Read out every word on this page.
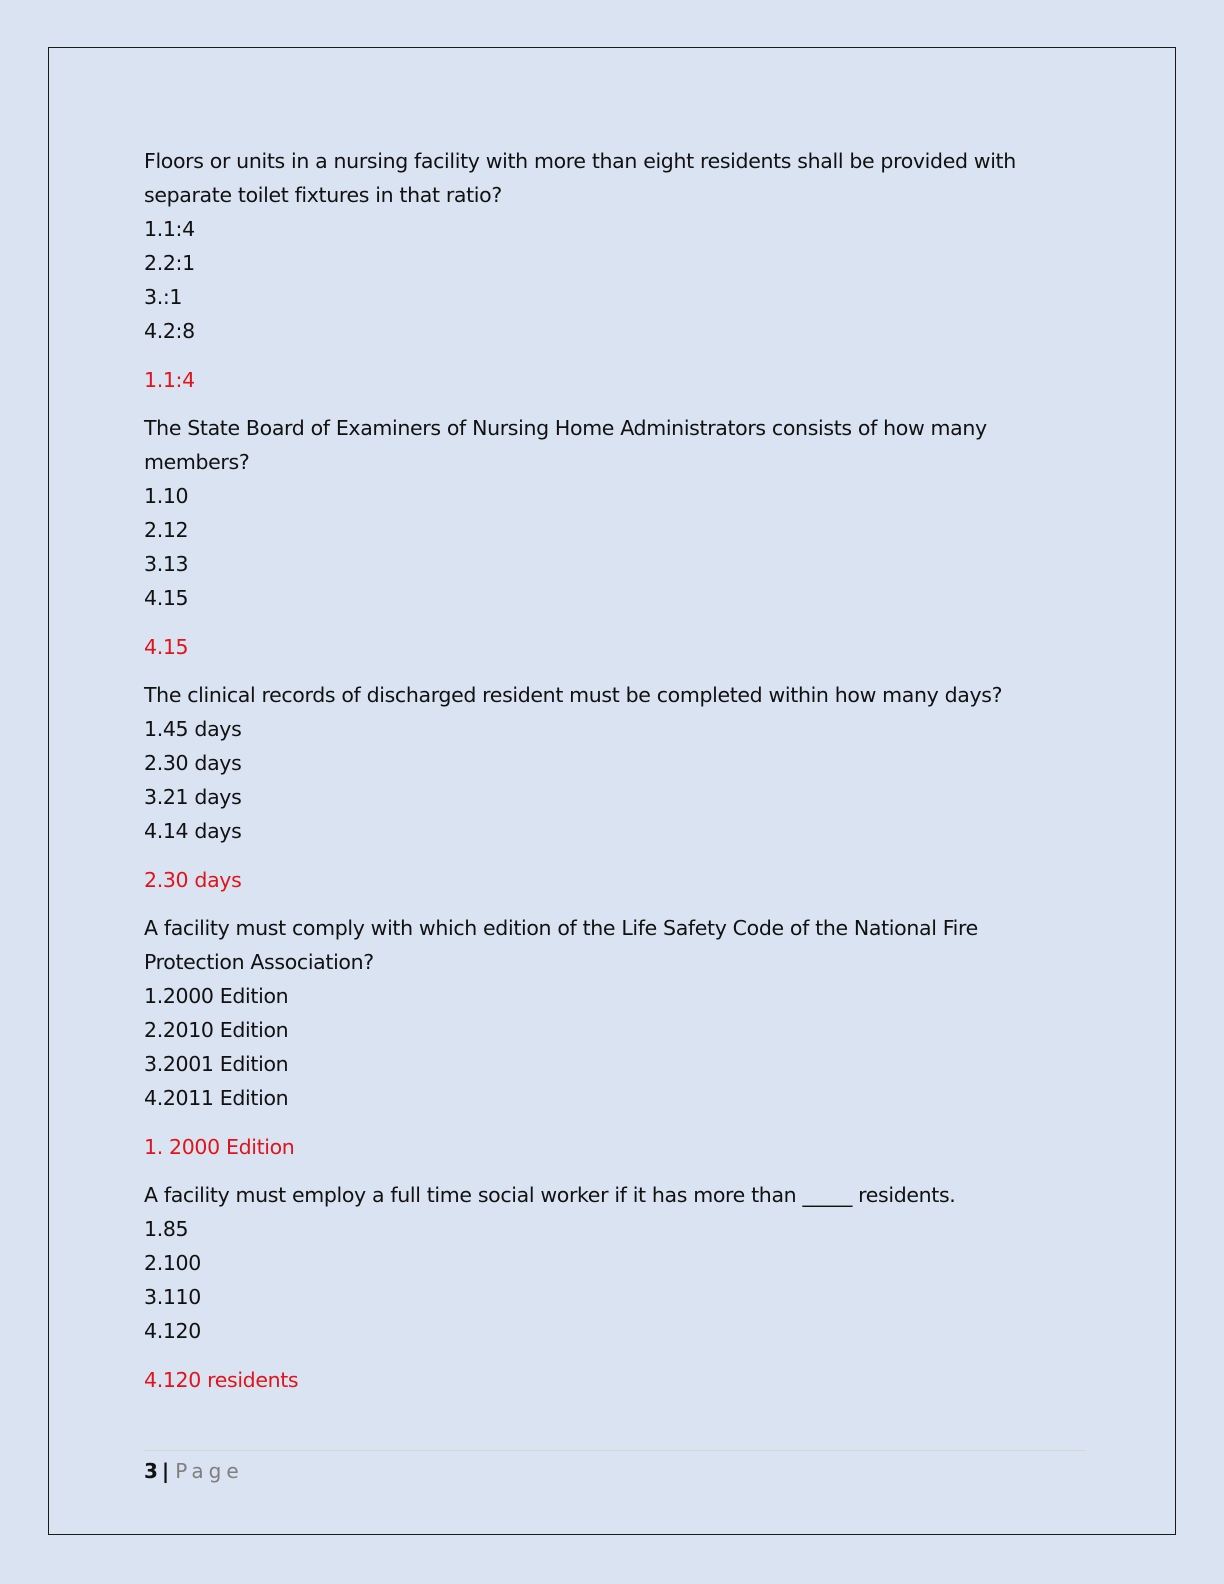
Floors or units in a nursing facility with more than eight residents shall be provided with separate toilet fixtures in that ratio?
1.1:4
2.2:1
3.:1
4.2:8
1.1:4
The State Board of Examiners of Nursing Home Administrators consists of how many members?
1.10
2.12
3.13
4.15
4.15
The clinical records of discharged resident must be completed within how many days?
1.45 days
2.30 days
3.21 days
4.14 days
2.30 days
A facility must comply with which edition of the Life Safety Code of the National Fire Protection Association?
1.2000 Edition
2.2010 Edition
3.2001 Edition
4.2011 Edition
1. 2000 Edition
A facility must employ a full time social worker if it has more than _____ residents.
1.85
2.100
3.110
4.120
4.120 residents
3 | Page
